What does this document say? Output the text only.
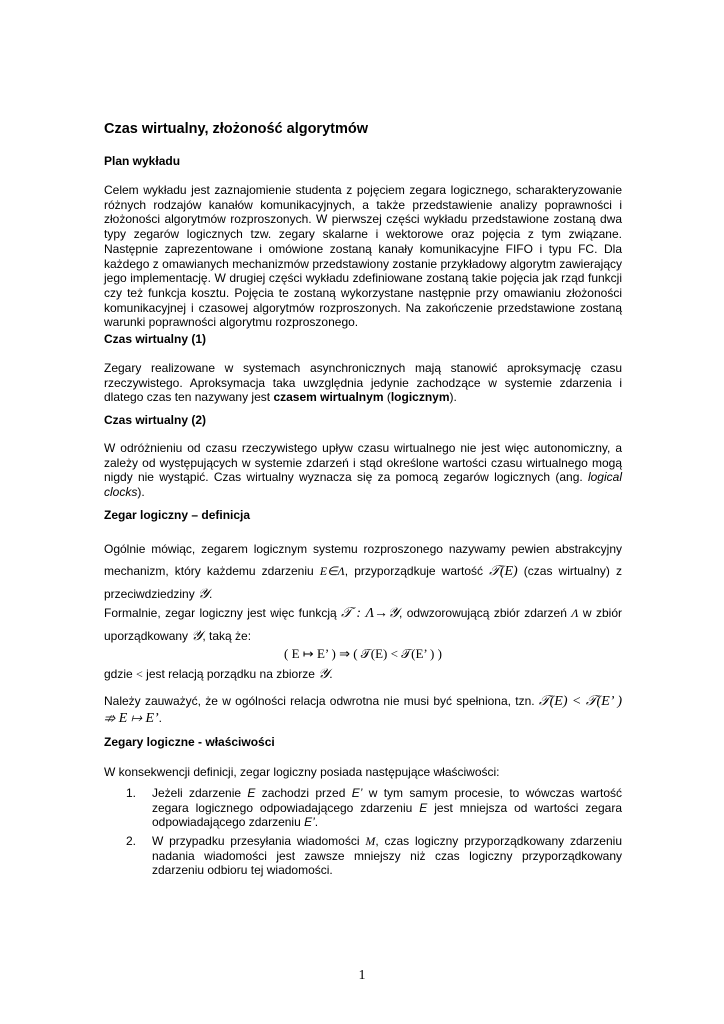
Czas wirtualny, złożoność algorytmów
Plan wykładu

Celem wykładu jest zaznajomienie studenta z pojęciem zegara logicznego, scharakteryzowanie różnych rodzajów kanałów komunikacyjnych, a także przedstawienie analizy poprawności i złożoności algorytmów rozproszonych. W pierwszej części wykładu przedstawione zostaną dwa typy zegarów logicznych tzw. zegary skalarne i wektorowe oraz pojęcia z tym związane. Następnie zaprezentowane i omówione zostaną kanały komunikacyjne FIFO i typu FC. Dla każdego z omawianych mechanizmów przedstawiony zostanie przykładowy algorytm zawierający jego implementację. W drugiej części wykładu zdefiniowane zostaną takie pojęcia jak rząd funkcji czy też funkcja kosztu. Pojęcia te zostaną wykorzystane następnie przy omawianiu złożoności komunikacyjnej i czasowej algorytmów rozproszonych. Na zakończenie przedstawione zostaną warunki poprawności algorytmu rozproszonego.

Czas wirtualny (1)

Zegary realizowane w systemach asynchronicznych mają stanowić aproksymację czasu rzeczywistego. Aproksymacja taka uwzględnia jedynie zachodzące w systemie zdarzenia i dlatego czas ten nazywany jest czasem wirtualnym (logicznym).

Czas wirtualny (2)

W odróżnieniu od czasu rzeczywistego upływ czasu wirtualnego nie jest więc autonomiczny, a zależy od występujących w systemie zdarzeń i stąd określone wartości czasu wirtualnego mogą nigdy nie wystąpić. Czas wirtualny wyznacza się za pomocą zegarów logicznych (ang. logical clocks).

Zegar logiczny – definicja

Ogólnie mówiąc, zegarem logicznym systemu rozproszonego nazywamy pewien abstrakcyjny mechanizm, który każdemu zdarzeniu E∈Λ, przyporządkuje wartość 𝒯(E) (czas wirtualny) z przeciwdziedziny 𝒴.

Formalnie, zegar logiczny jest więc funkcją 𝒯 : Λ→𝒴, odwzorowującą zbiór zdarzeń Λ w zbiór uporządkowany 𝒴, taką że:

( E ↦ E’ ) ⇒ ( 𝒯(E) < 𝒯(E’ ) )

gdzie < jest relacją porządku na zbiorze 𝒴.

Należy zauważyć, że w ogólności relacja odwrotna nie musi być spełniona, tzn. 𝒯(E) < 𝒯(E’ ) ⇏ E ↦ E’.

Zegary logiczne - właściwości

W konsekwencji definicji, zegar logiczny posiada następujące właściwości:

1. Jeżeli zdarzenie E zachodzi przed E’ w tym samym procesie, to wówczas wartość zegara logicznego odpowiadającego zdarzeniu E jest mniejsza od wartości zegara odpowiadającego zdarzeniu E’.
2. W przypadku przesyłania wiadomości M, czas logiczny przyporządkowany zdarzeniu nadania wiadomości jest zawsze mniejszy niż czas logiczny przyporządkowany zdarzeniu odbioru tej wiadomości.
1
